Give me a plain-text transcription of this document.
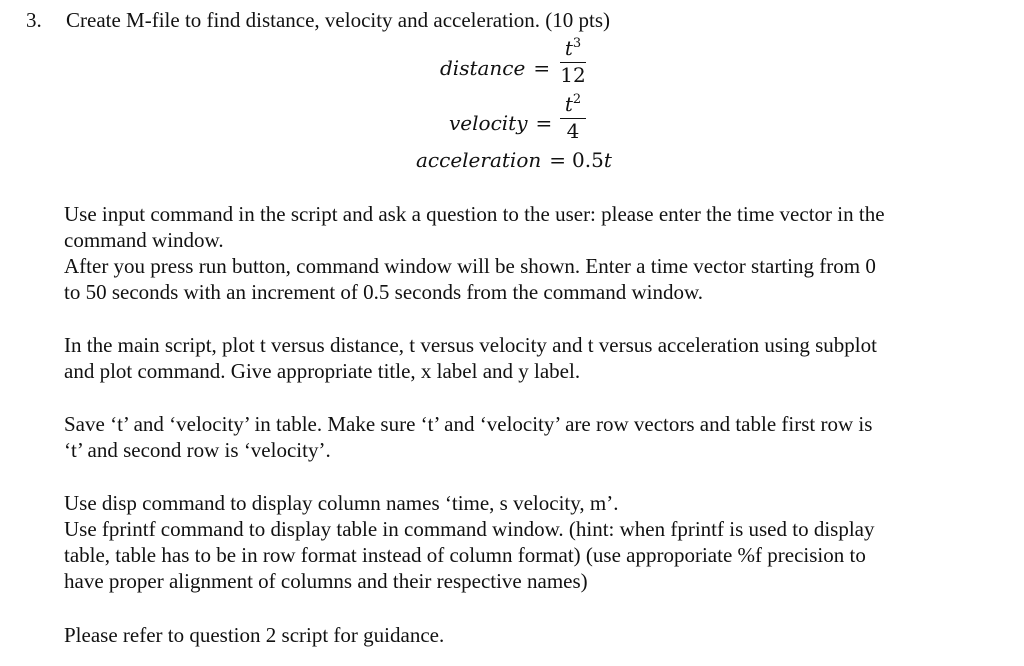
3. Create M-file to find distance, velocity and acceleration. (10 pts)
distance =
$t^3$
12
velocity =
$t^2$
4
acceleration = 0.5t

Use input command in the script and ask a question to the user: please enter the time vector in the

command window.

After you press run button, command window will be shown. Enter a time vector starting from 0

to 50 seconds with an increment of 0.5 seconds from the command window.

In the main script, plot t versus distance, t versus velocity and t versus acceleration using subplot

and plot command. Give appropriate title, x label and y label.

Save ‘t’ and ‘velocity’ in table. Make sure ‘t’ and ‘velocity’ are row vectors and table first row is

‘t’ and second row is ‘velocity’.

Use disp command to display column names ‘time, s velocity, m’.

Use fprintf command to display table in command window. (hint: when fprintf is used to display

table, table has to be in row format instead of column format) (use approporiate %f precision to

have proper alignment of columns and their respective names)

Please refer to question 2 script for guidance.
